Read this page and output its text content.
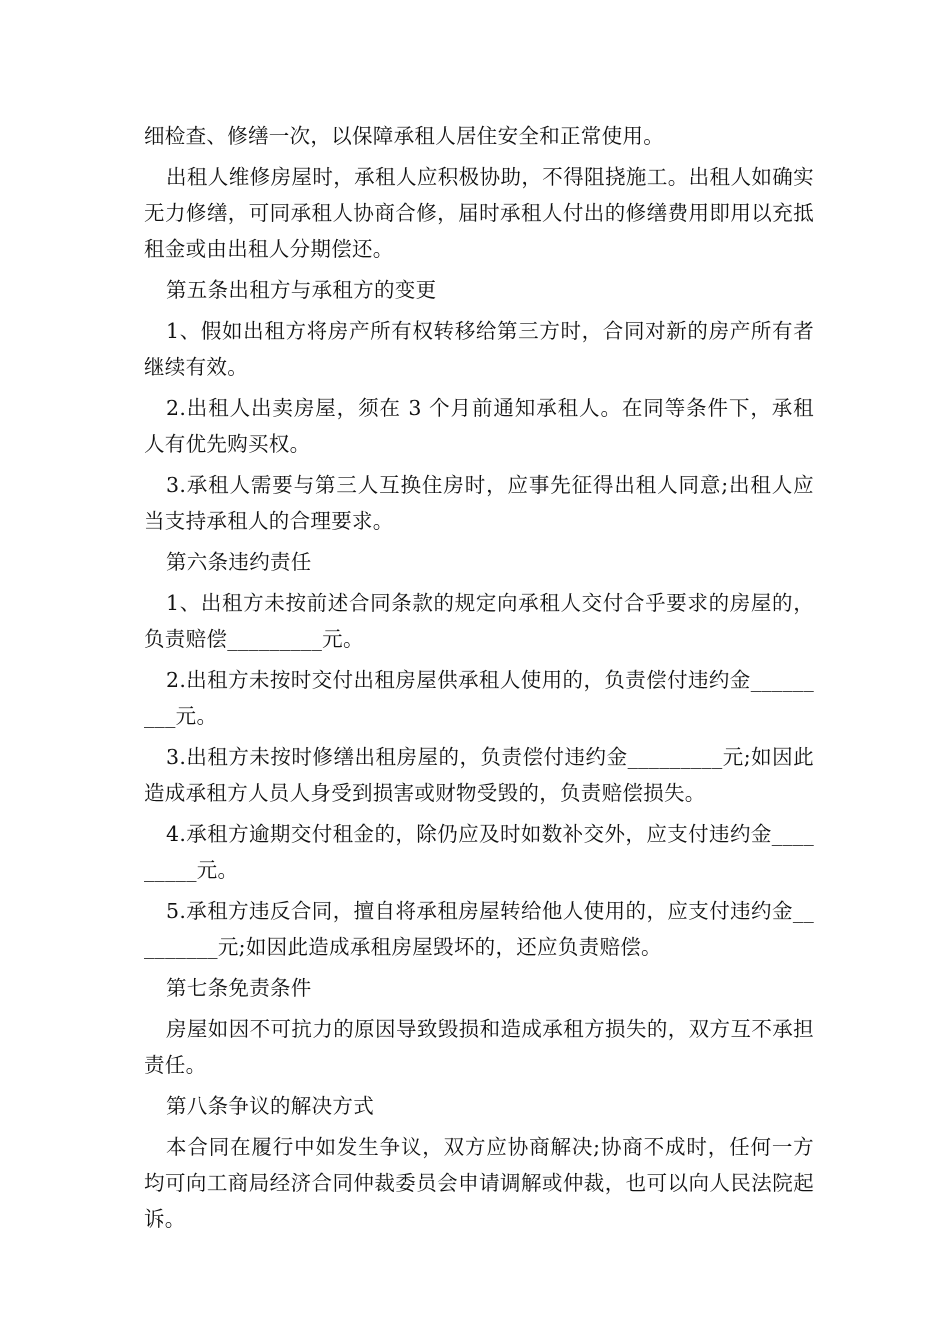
细检查、修缮一次，以保障承租人居住安全和正常使用。

出租人维修房屋时，承租人应积极协助，不得阻挠施工。出租人如确实无力修缮，可同承租人协商合修，届时承租人付出的修缮费用即用以充抵租金或由出租人分期偿还。

第五条出租方与承租方的变更

1、假如出租方将房产所有权转移给第三方时，合同对新的房产所有者继续有效。

2.出租人出卖房屋，须在 3 个月前通知承租人。在同等条件下，承租人有优先购买权。

3.承租人需要与第三人互换住房时，应事先征得出租人同意;出租人应当支持承租人的合理要求。

第六条违约责任

1、出租方未按前述合同条款的规定向承租人交付合乎要求的房屋的，负责赔偿_________元。

2.出租方未按时交付出租房屋供承租人使用的，负责偿付违约金_________元。

3.出租方未按时修缮出租房屋的，负责偿付违约金_________元;如因此造成承租方人员人身受到损害或财物受毁的，负责赔偿损失。

4.承租方逾期交付租金的，除仍应及时如数补交外，应支付违约金_________元。

5.承租方违反合同，擅自将承租房屋转给他人使用的，应支付违约金_________元;如因此造成承租房屋毁坏的，还应负责赔偿。

第七条免责条件

房屋如因不可抗力的原因导致毁损和造成承租方损失的，双方互不承担责任。

第八条争议的解决方式

本合同在履行中如发生争议，双方应协商解决;协商不成时，任何一方均可向工商局经济合同仲裁委员会申请调解或仲裁，也可以向人民法院起诉。
